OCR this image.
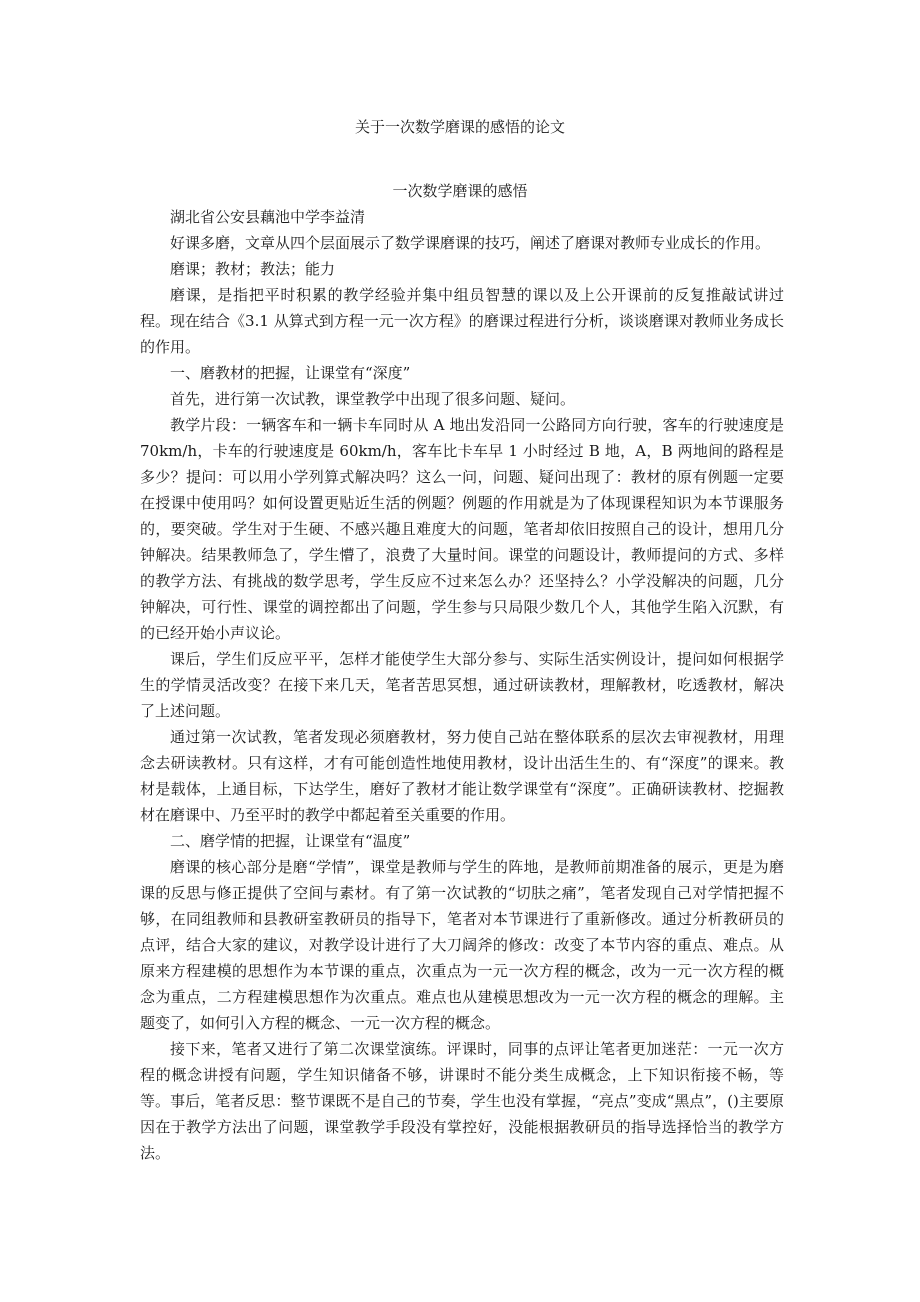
关于一次数学磨课的感悟的论文
一次数学磨课的感悟

湖北省公安县藕池中学李益清

好课多磨，文章从四个层面展示了数学课磨课的技巧，阐述了磨课对教师专业成长的作用。

磨课；教材；教法；能力

磨课，是指把平时积累的教学经验并集中组员智慧的课以及上公开课前的反复推敲试讲过程。现在结合《3.1 从算式到方程一元一次方程》的磨课过程进行分析，谈谈磨课对教师业务成长的作用。

一、磨教材的把握，让课堂有“深度”

首先，进行第一次试教，课堂教学中出现了很多问题、疑问。

教学片段：一辆客车和一辆卡车同时从 A 地出发沿同一公路同方向行驶，客车的行驶速度是 70km/h，卡车的行驶速度是 60km/h，客车比卡车早 1 小时经过 B 地，A，B 两地间的路程是多少？提问：可以用小学列算式解决吗？这么一问，问题、疑问出现了：教材的原有例题一定要在授课中使用吗？如何设置更贴近生活的例题？例题的作用就是为了体现课程知识为本节课服务的，要突破。学生对于生硬、不感兴趣且难度大的问题，笔者却依旧按照自己的设计，想用几分钟解决。结果教师急了，学生懵了，浪费了大量时间。课堂的问题设计，教师提问的方式、多样的教学方法、有挑战的数学思考，学生反应不过来怎么办？还坚持么？小学没解决的问题，几分钟解决，可行性、课堂的调控都出了问题，学生参与只局限少数几个人，其他学生陷入沉默，有的已经开始小声议论。

课后，学生们反应平平，怎样才能使学生大部分参与、实际生活实例设计，提问如何根据学生的学情灵活改变？在接下来几天，笔者苦思冥想，通过研读教材，理解教材，吃透教材，解决了上述问题。

通过第一次试教，笔者发现必须磨教材，努力使自己站在整体联系的层次去审视教材，用理念去研读教材。只有这样，才有可能创造性地使用教材，设计出活生生的、有“深度”的课来。教材是载体，上通目标，下达学生，磨好了教材才能让数学课堂有“深度”。正确研读教材、挖掘教材在磨课中、乃至平时的教学中都起着至关重要的作用。

二、磨学情的把握，让课堂有“温度”

磨课的核心部分是磨“学情”，课堂是教师与学生的阵地，是教师前期准备的展示，更是为磨课的反思与修正提供了空间与素材。有了第一次试教的“切肤之痛”，笔者发现自己对学情把握不够，在同组教师和县教研室教研员的指导下，笔者对本节课进行了重新修改。通过分析教研员的点评，结合大家的建议，对教学设计进行了大刀阔斧的修改：改变了本节内容的重点、难点。从原来方程建模的思想作为本节课的重点，次重点为一元一次方程的概念，改为一元一次方程的概念为重点，二方程建模思想作为次重点。难点也从建模思想改为一元一次方程的概念的理解。主题变了，如何引入方程的概念、一元一次方程的概念。

接下来，笔者又进行了第二次课堂演练。评课时，同事的点评让笔者更加迷茫：一元一次方程的概念讲授有问题，学生知识储备不够，讲课时不能分类生成概念，上下知识衔接不畅，等等。事后，笔者反思：整节课既不是自己的节奏，学生也没有掌握，“亮点”变成“黑点”，()主要原因在于教学方法出了问题，课堂教学手段没有掌控好，没能根据教研员的指导选择恰当的教学方法。
